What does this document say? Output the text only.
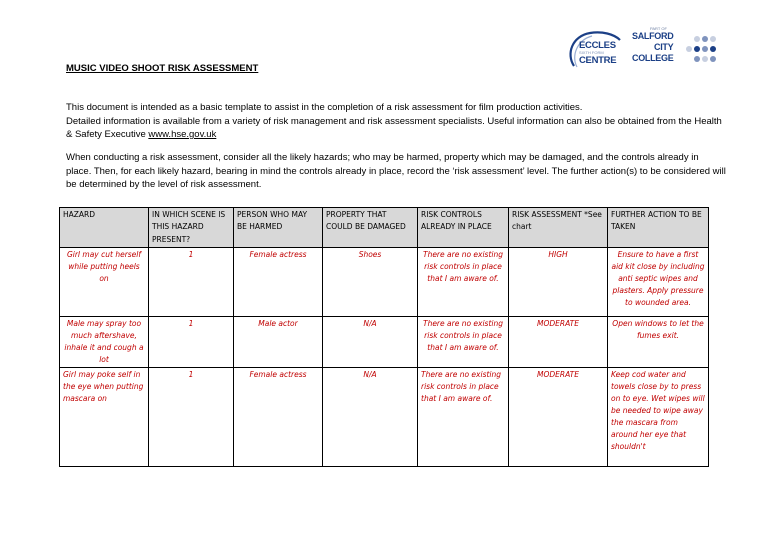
ECCLES
SIXTH FORM
CENTRE
PART OF
SALFORD
CITY
COLLEGE
MUSIC VIDEO SHOOT RISK ASSESSMENT
This document is intended as a basic template to assist in the completion of a risk assessment for film production activities.
Detailed information is available from a variety of risk management and risk assessment specialists. Useful information can also be obtained from the Health & Safety Executive www.hse.gov.uk
When conducting a risk assessment, consider all the likely hazards; who may be harmed, property which may be damaged, and the controls already in place. Then, for each likely hazard, bearing in mind the controls already in place, record the ‘risk assessment’ level. The further action(s) to be considered will be determined by the level of risk assessment.
HAZARD	IN WHICH SCENE IS THIS HAZARD PRESENT?	PERSON WHO MAY BE HARMED	PROPERTY THAT COULD BE DAMAGED	RISK CONTROLS ALREADY IN PLACE	RISK ASSESSMENT *See chart	FURTHER ACTION TO BE TAKEN
Girl may cut herself while putting heels on	1	Female actress	Shoes	There are no existing risk controls in place that I am aware of.	HIGH	Ensure to have a first aid kit close by including anti septic wipes and plasters. Apply pressure to wounded area.
Male may spray too much aftershave, inhale it and cough a lot	1	Male actor	N/A	There are no existing risk controls in place that I am aware of.	MODERATE	Open windows to let the fumes exit.
Girl may poke self in the eye when putting mascara on	1	Female actress	N/A	There are no existing risk controls in place that I am aware of.	MODERATE	Keep cod water and towels close by to press on to eye. Wet wipes will be needed to wipe away the mascara from around her eye that shouldn't
